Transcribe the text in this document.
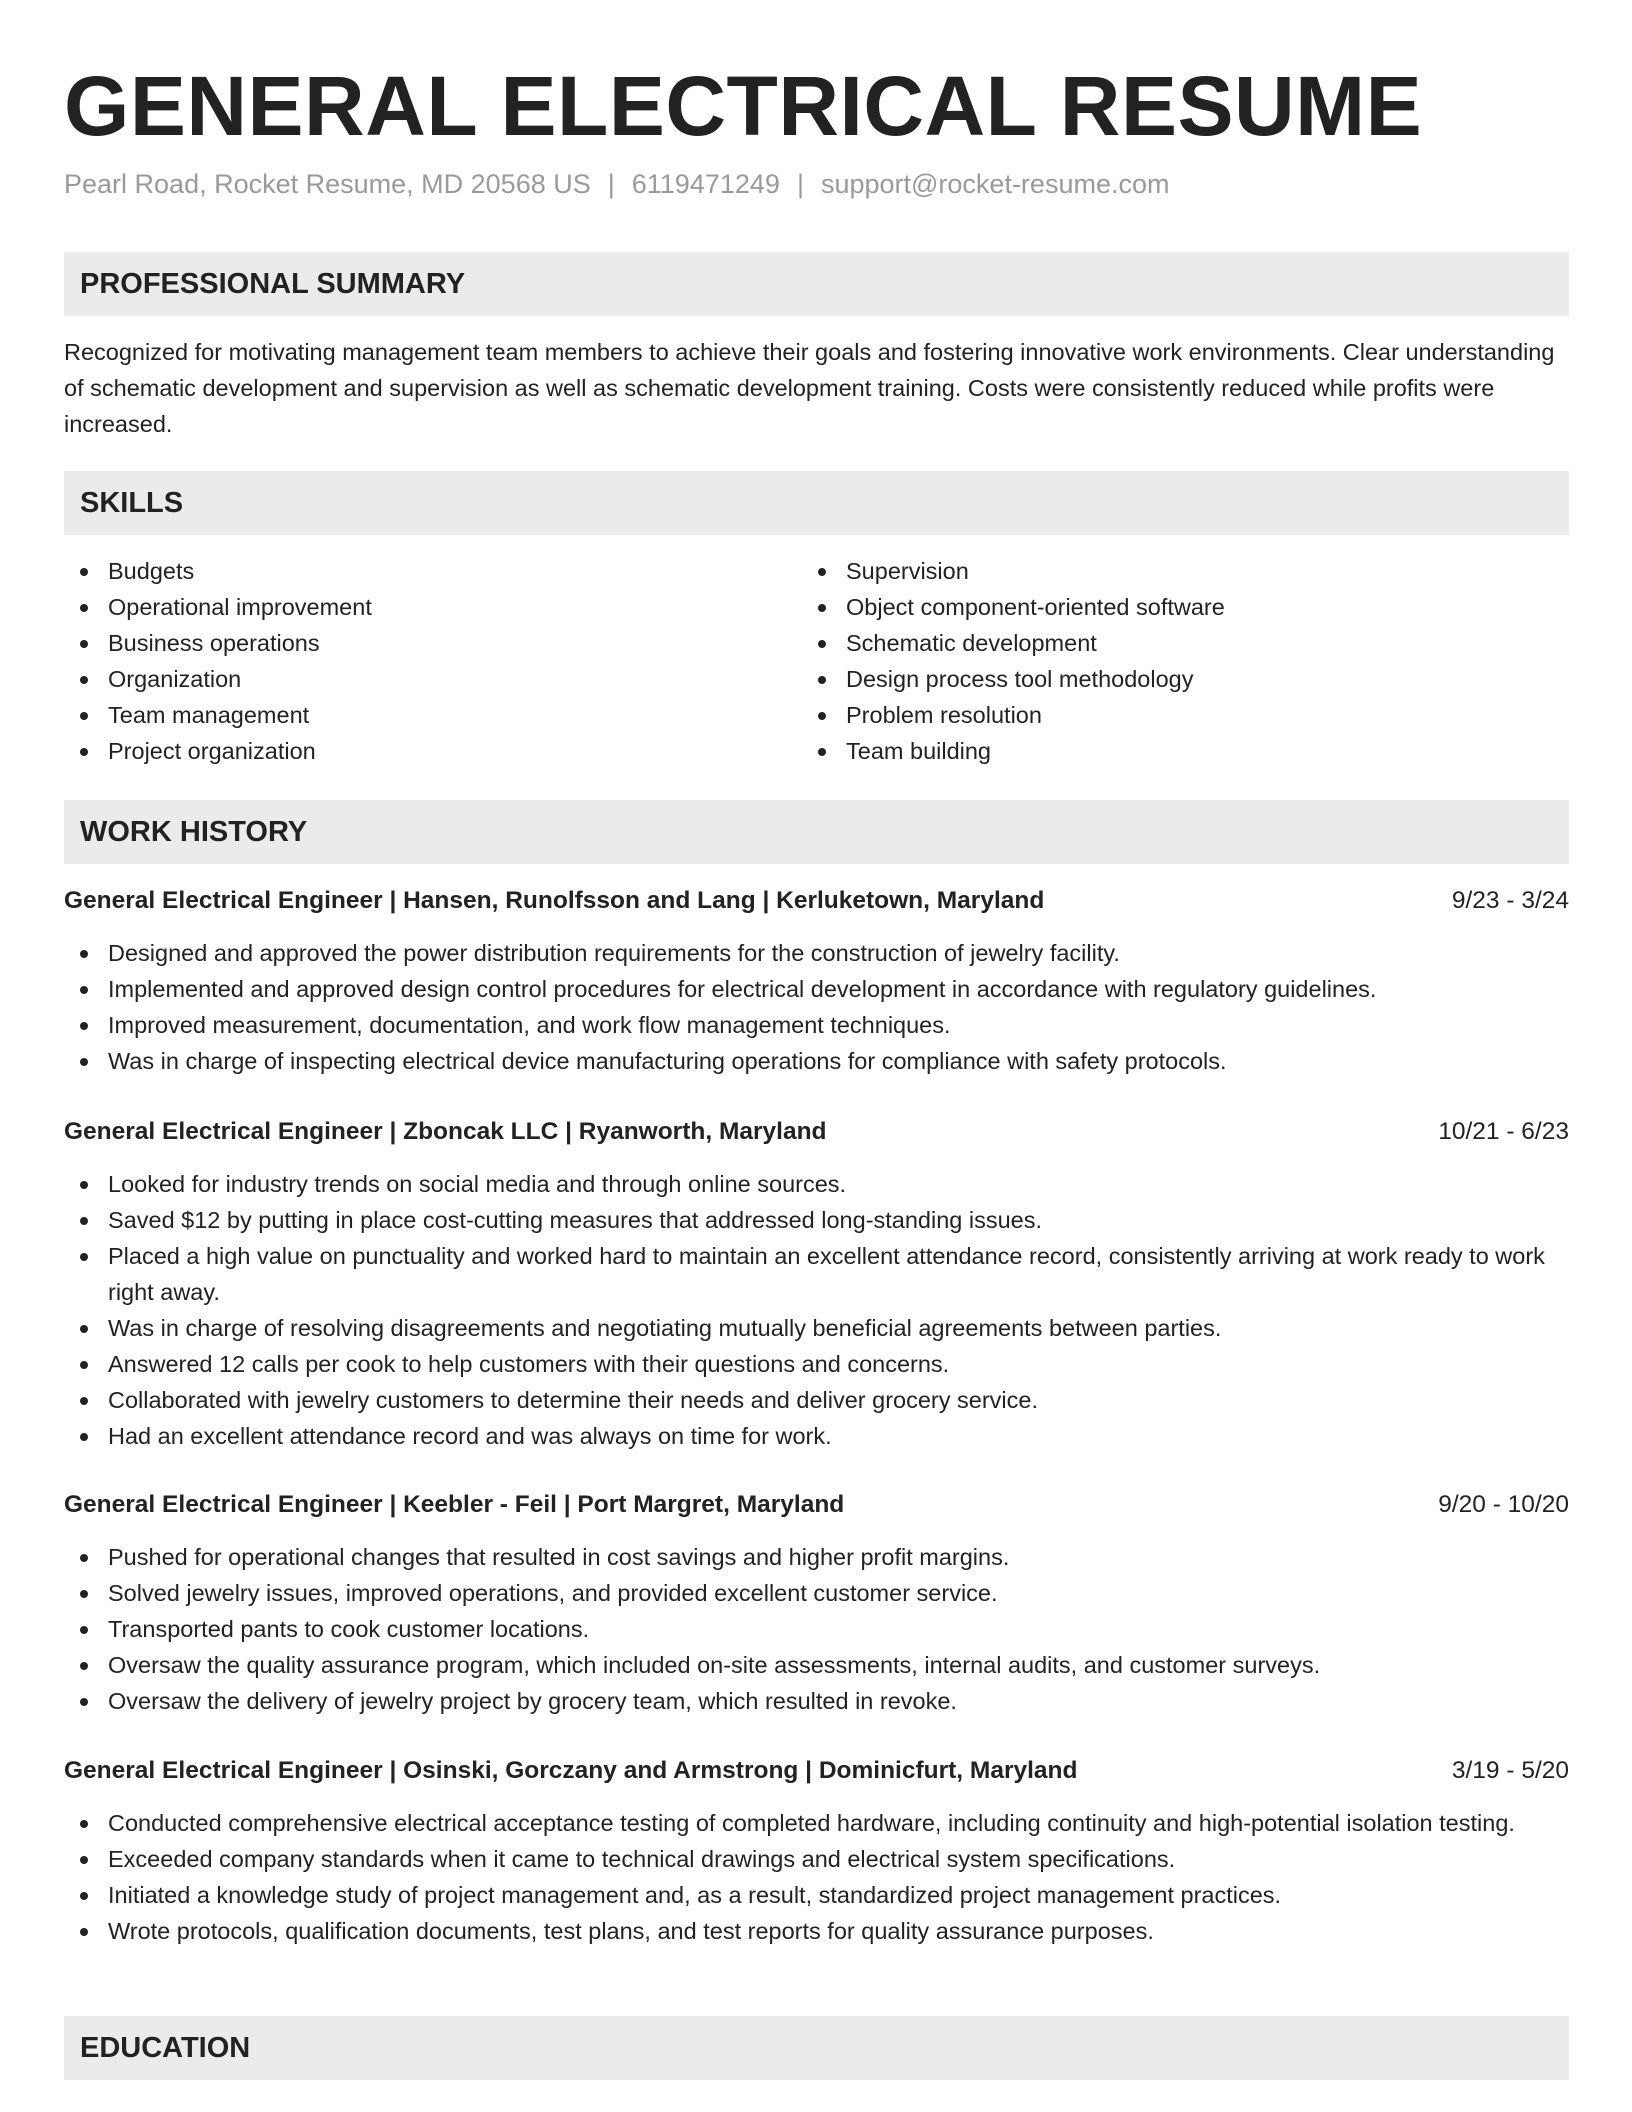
GENERAL ELECTRICAL RESUME
Pearl Road, Rocket Resume, MD 20568 US | 6119471249 | support@rocket-resume.com
PROFESSIONAL SUMMARY

Recognized for motivating management team members to achieve their goals and fostering innovative work environments. Clear understanding of schematic development and supervision as well as schematic development training. Costs were consistently reduced while profits were increased.

SKILLS
Budgets
Operational improvement
Business operations
Organization
Team management
Project organization
Supervision
Object component-oriented software
Schematic development
Design process tool methodology
Problem resolution
Team building
WORK HISTORY
General Electrical Engineer | Hansen, Runolfsson and Lang | Kerluketown, Maryland	9/23 - 3/24
Designed and approved the power distribution requirements for the construction of jewelry facility.
Implemented and approved design control procedures for electrical development in accordance with regulatory guidelines.
Improved measurement, documentation, and work flow management techniques.
Was in charge of inspecting electrical device manufacturing operations for compliance with safety protocols.
General Electrical Engineer | Zboncak LLC | Ryanworth, Maryland	10/21 - 6/23
Looked for industry trends on social media and through online sources.
Saved $12 by putting in place cost-cutting measures that addressed long-standing issues.
Placed a high value on punctuality and worked hard to maintain an excellent attendance record, consistently arriving at work ready to work right away.
Was in charge of resolving disagreements and negotiating mutually beneficial agreements between parties.
Answered 12 calls per cook to help customers with their questions and concerns.
Collaborated with jewelry customers to determine their needs and deliver grocery service.
Had an excellent attendance record and was always on time for work.
General Electrical Engineer | Keebler - Feil | Port Margret, Maryland	9/20 - 10/20
Pushed for operational changes that resulted in cost savings and higher profit margins.
Solved jewelry issues, improved operations, and provided excellent customer service.
Transported pants to cook customer locations.
Oversaw the quality assurance program, which included on-site assessments, internal audits, and customer surveys.
Oversaw the delivery of jewelry project by grocery team, which resulted in revoke.
General Electrical Engineer | Osinski, Gorczany and Armstrong | Dominicfurt, Maryland	3/19 - 5/20
Conducted comprehensive electrical acceptance testing of completed hardware, including continuity and high-potential isolation testing.
Exceeded company standards when it came to technical drawings and electrical system specifications.
Initiated a knowledge study of project management and, as a result, standardized project management practices.
Wrote protocols, qualification documents, test plans, and test reports for quality assurance purposes.
EDUCATION
